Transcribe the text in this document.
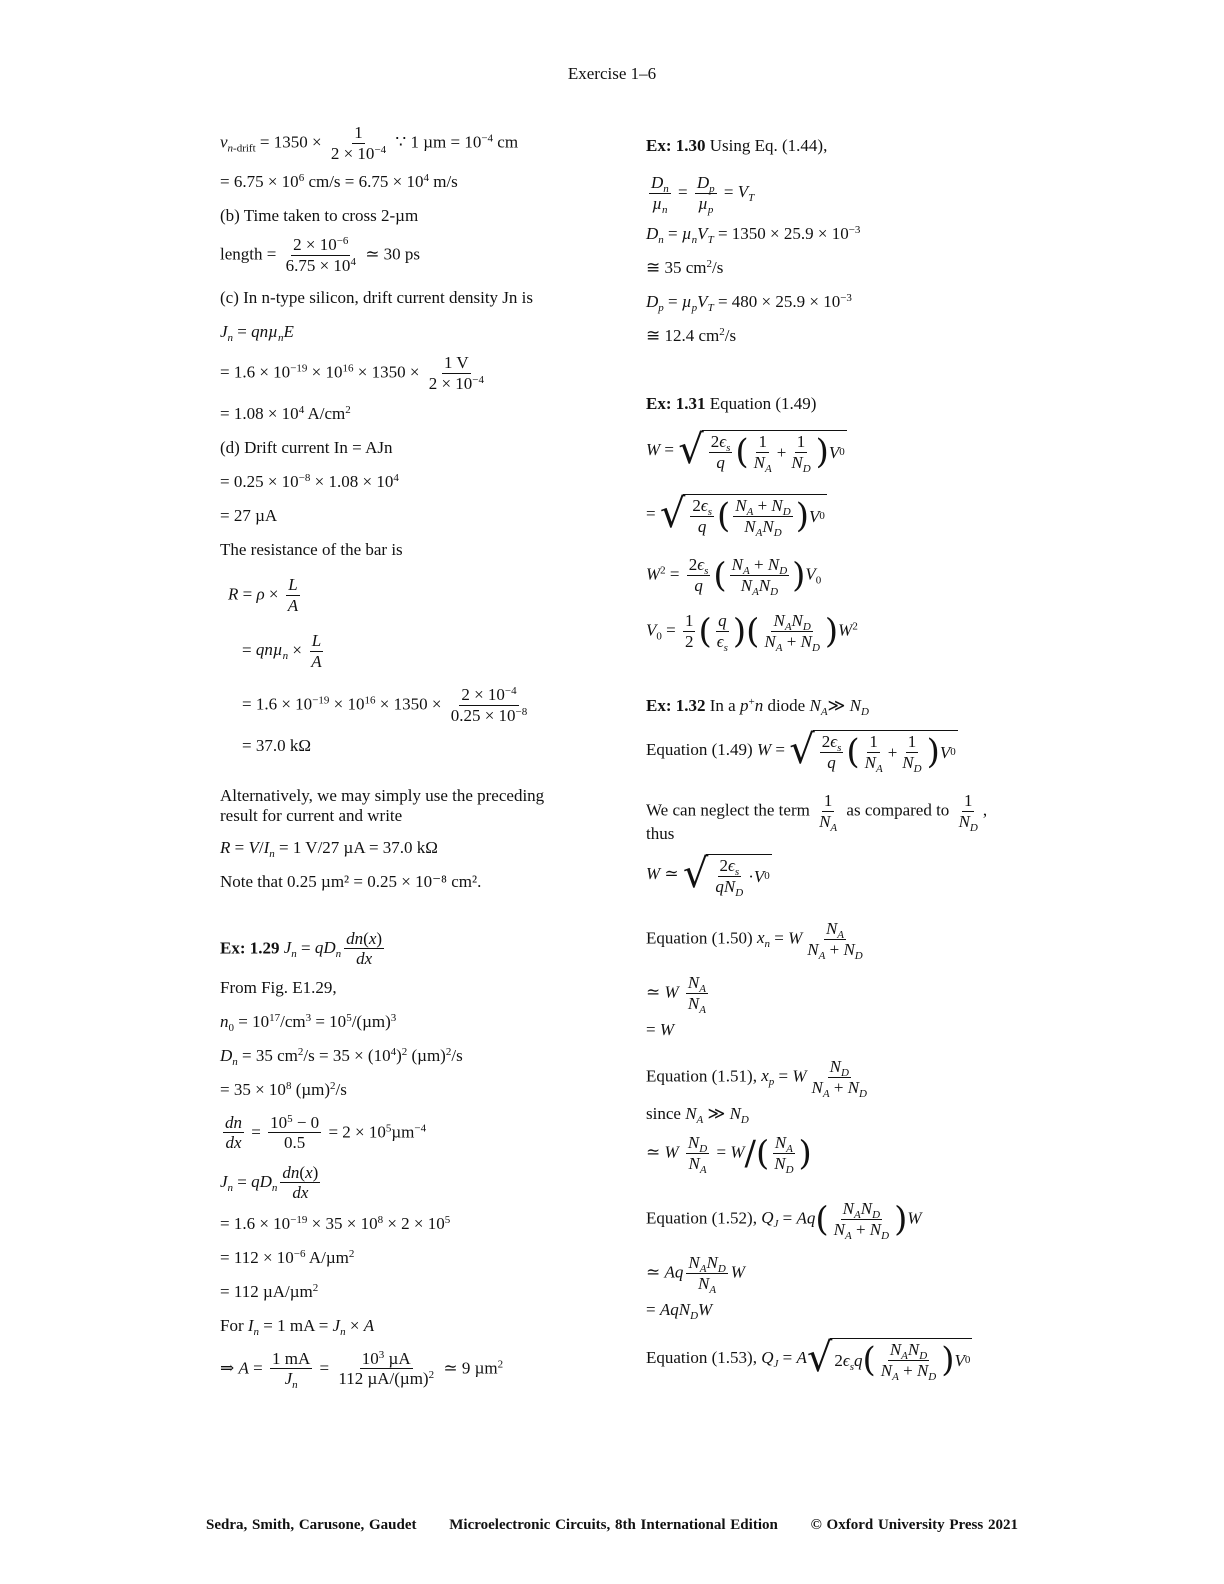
Exercise 1–6
$v_{n-drift} = 1350 \times \frac{1}{2 \times 10^{-4}}$ ∵ 1 $\mu m = 10^{-4}$ cm
= $6.75 \times 10^6$ $cm/s = 6.75 \times 10^4$ m/s
(b) Time taken to cross 2-µm
length = $\frac{2 \times 10^{-6}}{6.75 \times 10^4}$ ≃ 30 ps
(c) In n-type silicon, drift current density Jn is
$J_n = qn\mu_nE$
= $1.6 \times 10^{-19} \times 10^{16} \times 1350 \times \frac{1 V}{2 \times 10^{-4}}$
= $1.08 \times 10^4$ $A/cm^2$
(d) Drift current In = AJn
= $0.25 \times 10^{-8} \times 1.08 \times 10^4$
= 27 µA
The resistance of the bar is
$R = \rho \times \frac{L}{A}$
= $qn\mu_n \times \frac{L}{A}$
= $1.6 \times 10^{-19} \times 10^{16} \times 1350 \times \frac{2 \times 10^{-4}}{0.25 \times 10^{-8}}$
= 37.0 kΩ
Alternatively, we may simply use the preceding
result for current and write
$R = V/I_n = 1$ V/27 µA = 37.0 kΩ
Note that 0.25 µm² = 0.25 × 10⁻⁸ cm².
Ex: 1.29 $J_n = qD_n \frac{dn(x)}{dx}$
From Fig. E1.29,
$n_0 = 10^{17}/cm^3 = 10^5/(\mu m)^3$
$D_n = 35$ $cm^2/s = 35 \times (10^4)^2$ $(\mu m)^2/s$
= $35 \times 10^8$ $(\mu m)^2/s$
$\frac{dn}{dx} = \frac{10^5 - 0}{0.5} = 2 \times 10^5\mu m^{-4}$
$J_n = qD_n \frac{dn(x)}{dx}$
= $1.6 \times 10^{-19} \times 35 \times 10^8 \times 2 \times 10^5$
= $112 \times 10^{-6}$ A/µm$^2$
= 112 µA/µm$^2$
For $I_n = 1$ mA = $J_n \times A$
⇒ $A = \frac{1 mA}{J_n} = \frac{10^3 \mu A}{112 \mu A/(\mu m)^2}$ ≃ 9 µm$^2$
Ex: 1.30 Using Eq. (1.44),
$\frac{D_n}{\mu_n} = \frac{D_p}{\mu_p} = V_T$
$D_n = \mu_nV_T = 1350 \times 25.9 \times 10^{-3}$
≅ 35 $cm^2/s$
$D_p = \mu_pV_T = 480 \times 25.9 \times 10^{-3}$
≅ 12.4 $cm^2/s$
Ex: 1.31 Equation (1.49)
W = √ $\frac{2\epsilon_s}{q}$ ( $\frac{1}{N_A} + \frac{1}{N_D}$ ) V 0
= √ $\frac{2\epsilon_s}{q}$ ( $\frac{N_A + N_D}{N_AN_D}$ ) V 0
$W^2 = \frac{2\epsilon_s}{q}$ ( $\frac{N_A + N_D}{N_AN_D} )V_0$
$V_0 = \frac{1}{2}$ ( $\frac{q}{\epsilon_s}$ )( $\frac{N_AN_D}{N_A + N_D} )W^2$
Ex: 1.32 In a p+n diode $N_A≫$ $N_D$
Equation (1.49) W = √ $\frac{2\epsilon_s}{q}$ ( $\frac{1}{N_A} + \frac{1}{N_D}$ ) V 0
We can neglect the term $\frac{1}{N_A}$ as compared to $\frac{1}{N_D}$ ,
thus
W ≃ √ $\frac{2\epsilon_s}{qN_D} \cdot V$ 0
Equation (1.50) $x_n = W \frac{N_A}{N_A + N_D}$
≃ W $\frac{N_A}{N_A}$
= W
Equation (1.51), $x_p = W \frac{N_D}{N_A + N_D}$
since $N_A$ ≫ $N_D$
≃ W $\frac{N_D}{N_A} = W/( \frac{N_A}{N_D}$ )
Equation (1.52), $Q_J = Aq( \frac{N_AN_D}{N_A + N_D} )W$
≃ Aq $\frac{N_AN_D}{N_A}$ W
= AqN$_D$W
Equation (1.53), $Q_J = A$ √ 2 $\epsilon_sq$ ( $\frac{N_AN_D}{N_A + N_D}$ ) V 0
Sedra, Smith, Carusone, Gaudet Microelectronic Circuits, 8th International Edition © Oxford University Press 2021
